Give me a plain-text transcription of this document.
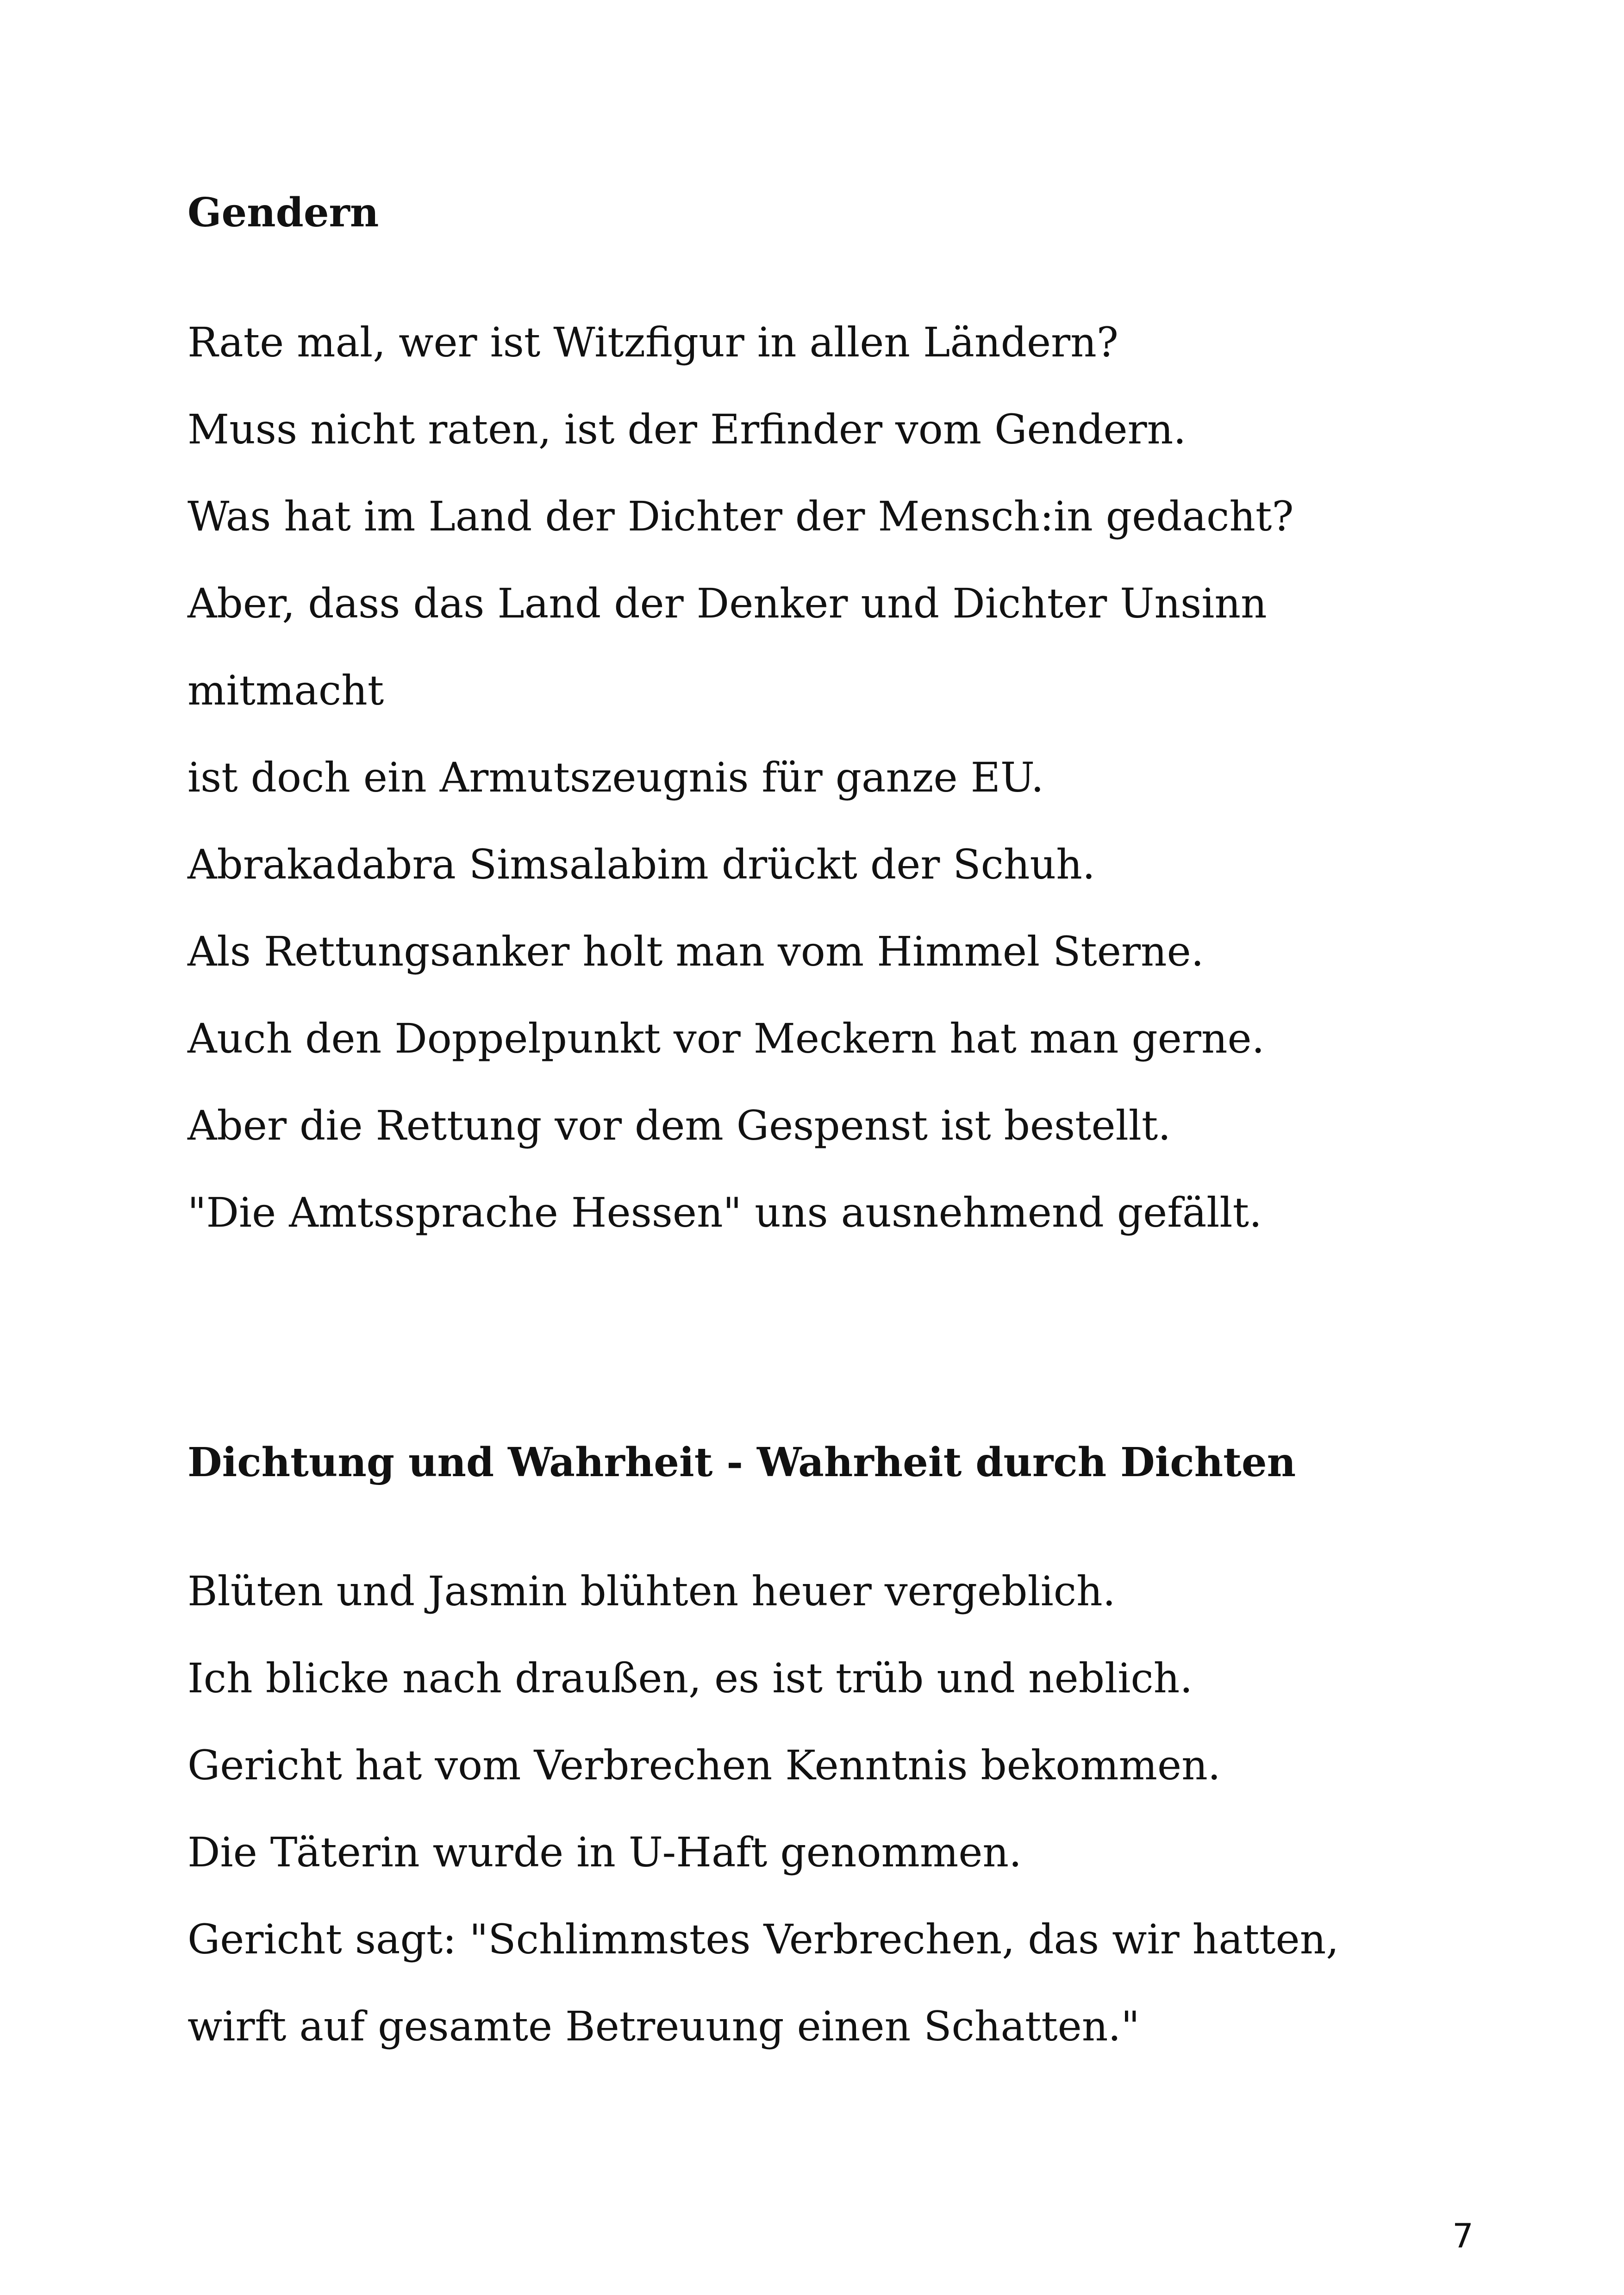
Gendern
Rate mal, wer ist Witzfigur in allen Ländern?
Muss nicht raten, ist der Erfinder vom Gendern.
Was hat im Land der Dichter der Mensch:in gedacht?
Aber, dass das Land der Denker und Dichter Unsinn
mitmacht
ist doch ein Armutszeugnis für ganze EU.
Abrakadabra Simsalabim drückt der Schuh.
Als Rettungsanker holt man vom Himmel Sterne.
Auch den Doppelpunkt vor Meckern hat man gerne.
Aber die Rettung vor dem Gespenst ist bestellt.
"Die Amtssprache Hessen" uns ausnehmend gefällt.
Dichtung und Wahrheit - Wahrheit durch Dichten
Blüten und Jasmin blühten heuer vergeblich.
Ich blicke nach draußen, es ist trüb und neblich.
Gericht hat vom Verbrechen Kenntnis bekommen.
Die Täterin wurde in U-Haft genommen.
Gericht sagt: "Schlimmstes Verbrechen, das wir hatten,
wirft auf gesamte Betreuung einen Schatten."
7
